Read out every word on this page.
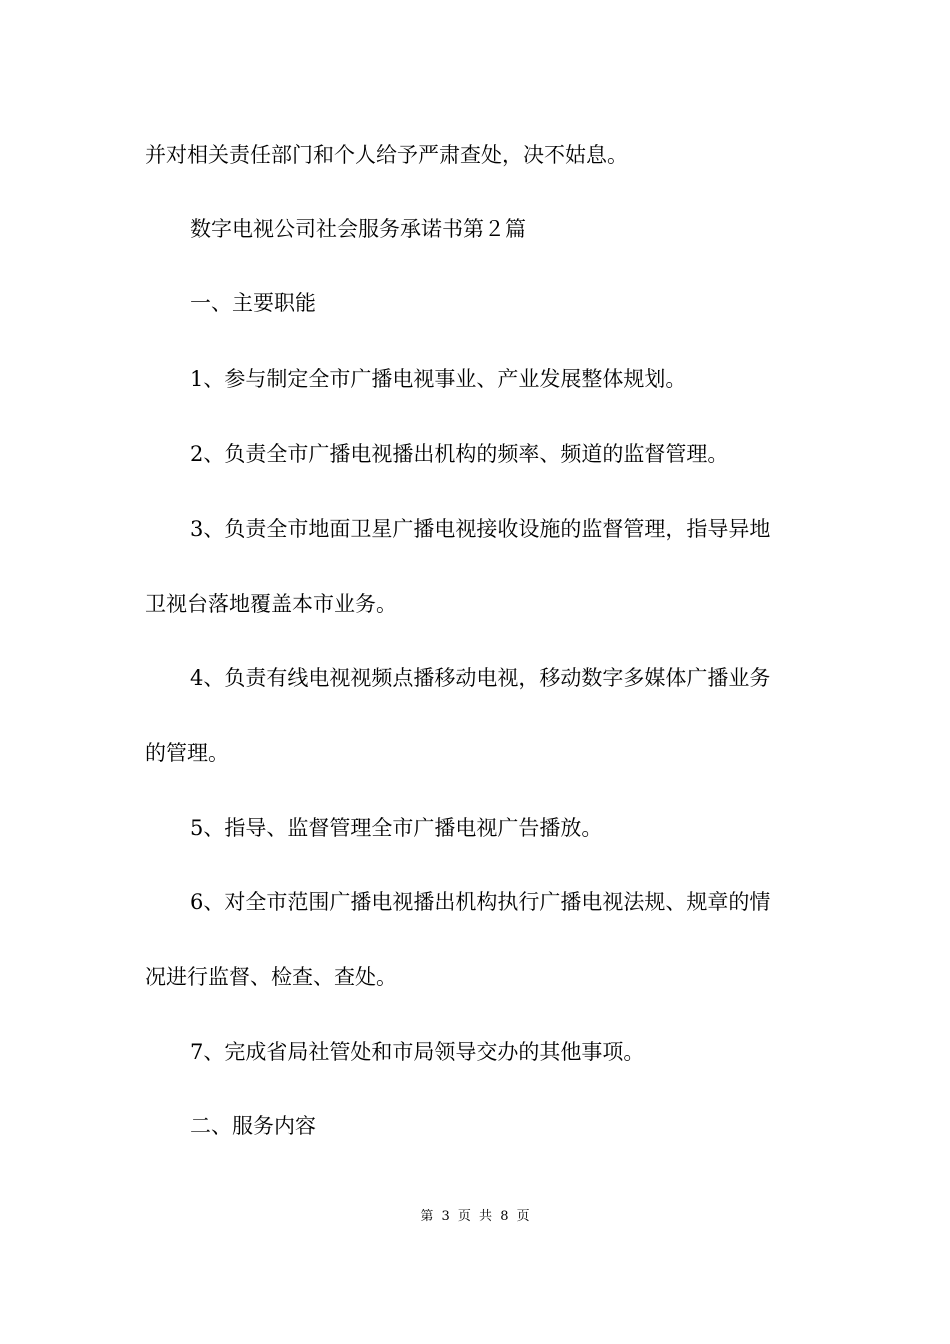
并对相关责任部门和个人给予严肃查处，决不姑息。
数字电视公司社会服务承诺书第２篇
一、主要职能
1、参与制定全市广播电视事业、产业发展整体规划。
2、负责全市广播电视播出机构的频率、频道的监督管理。
3、负责全市地面卫星广播电视接收设施的监督管理，指导异地
卫视台落地覆盖本市业务。
4、负责有线电视视频点播移动电视，移动数字多媒体广播业务
的管理。
5、指导、监督管理全市广播电视广告播放。
6、对全市范围广播电视播出机构执行广播电视法规、规章的情
况进行监督、检查、查处。
7、完成省局社管处和市局领导交办的其他事项。
二、服务内容
第 3 页 共 8 页
